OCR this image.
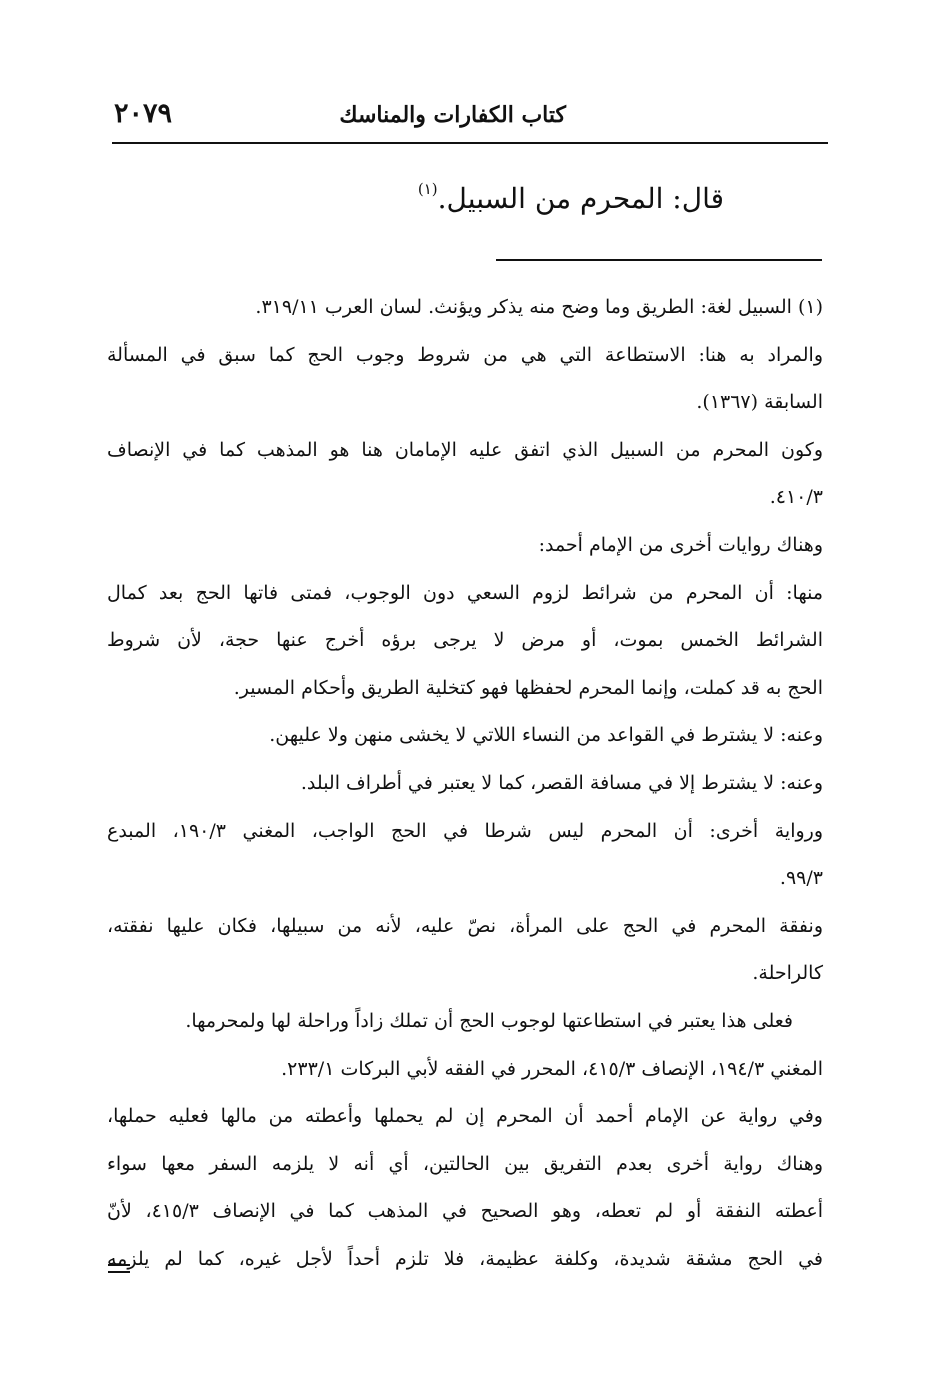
كتاب الكفارات والمناسك
٢٠٧٩
قال: المحرم من السبيل.$^{(١)}$
(١)السبيل لغة: الطريق وما وضح منه يذكر ويؤنث. لسان العرب ٣١٩/١١.
والمراد به هنا: الاستطاعة التي هي من شروط وجوب الحج كما سبق في المسألة
السابقة (١٣٦٧).
وكون المحرم من السبيل الذي اتفق عليه الإمامان هنا هو المذهب كما في الإنصاف
٤١٠/٣.
وهناك روايات أخرى من الإمام أحمد:
منها: أن المحرم من شرائط لزوم السعي دون الوجوب، فمتى فاتها الحج بعد كمال
الشرائط الخمس بموت، أو مرض لا يرجى برؤه أخرج عنها حجة، لأن شروط
الحج به قد كملت، وإنما المحرم لحفظها فهو كتخلية الطريق وأحكام المسير.
وعنه: لا يشترط في القواعد من النساء اللاتي لا يخشى منهن ولا عليهن.
وعنه: لا يشترط إلا في مسافة القصر، كما لا يعتبر في أطراف البلد.
ورواية أخرى: أن المحرم ليس شرطا في الحج الواجب، المغني ١٩٠/٣، المبدع
٩٩/٣.
ونفقة المحرم في الحج على المرأة، نصّ عليه، لأنه من سبيلها، فكان عليها نفقته،
كالراحلة.
فعلى هذا يعتبر في استطاعتها لوجوب الحج أن تملك زاداً وراحلة لها ولمحرمها.
المغني ١٩٤/٣، الإنصاف ٤١٥/٣، المحرر في الفقه لأبي البركات ٢٣٣/١.
وفي رواية عن الإمام أحمد أن المحرم إن لم يحملها وأعطته من مالها فعليه حملها،
وهناك رواية أخرى بعدم التفريق بين الحالتين، أي أنه لا يلزمه السفر معها سواء
أعطته النفقة أو لم تعطه، وهو الصحيح في المذهب كما في الإنصاف ٤١٥/٣، لأنّ
في الحج مشقة شديدة، وكلفة عظيمة، فلا تلزم أحداً لأجل غيره، كما لم يلزمه
